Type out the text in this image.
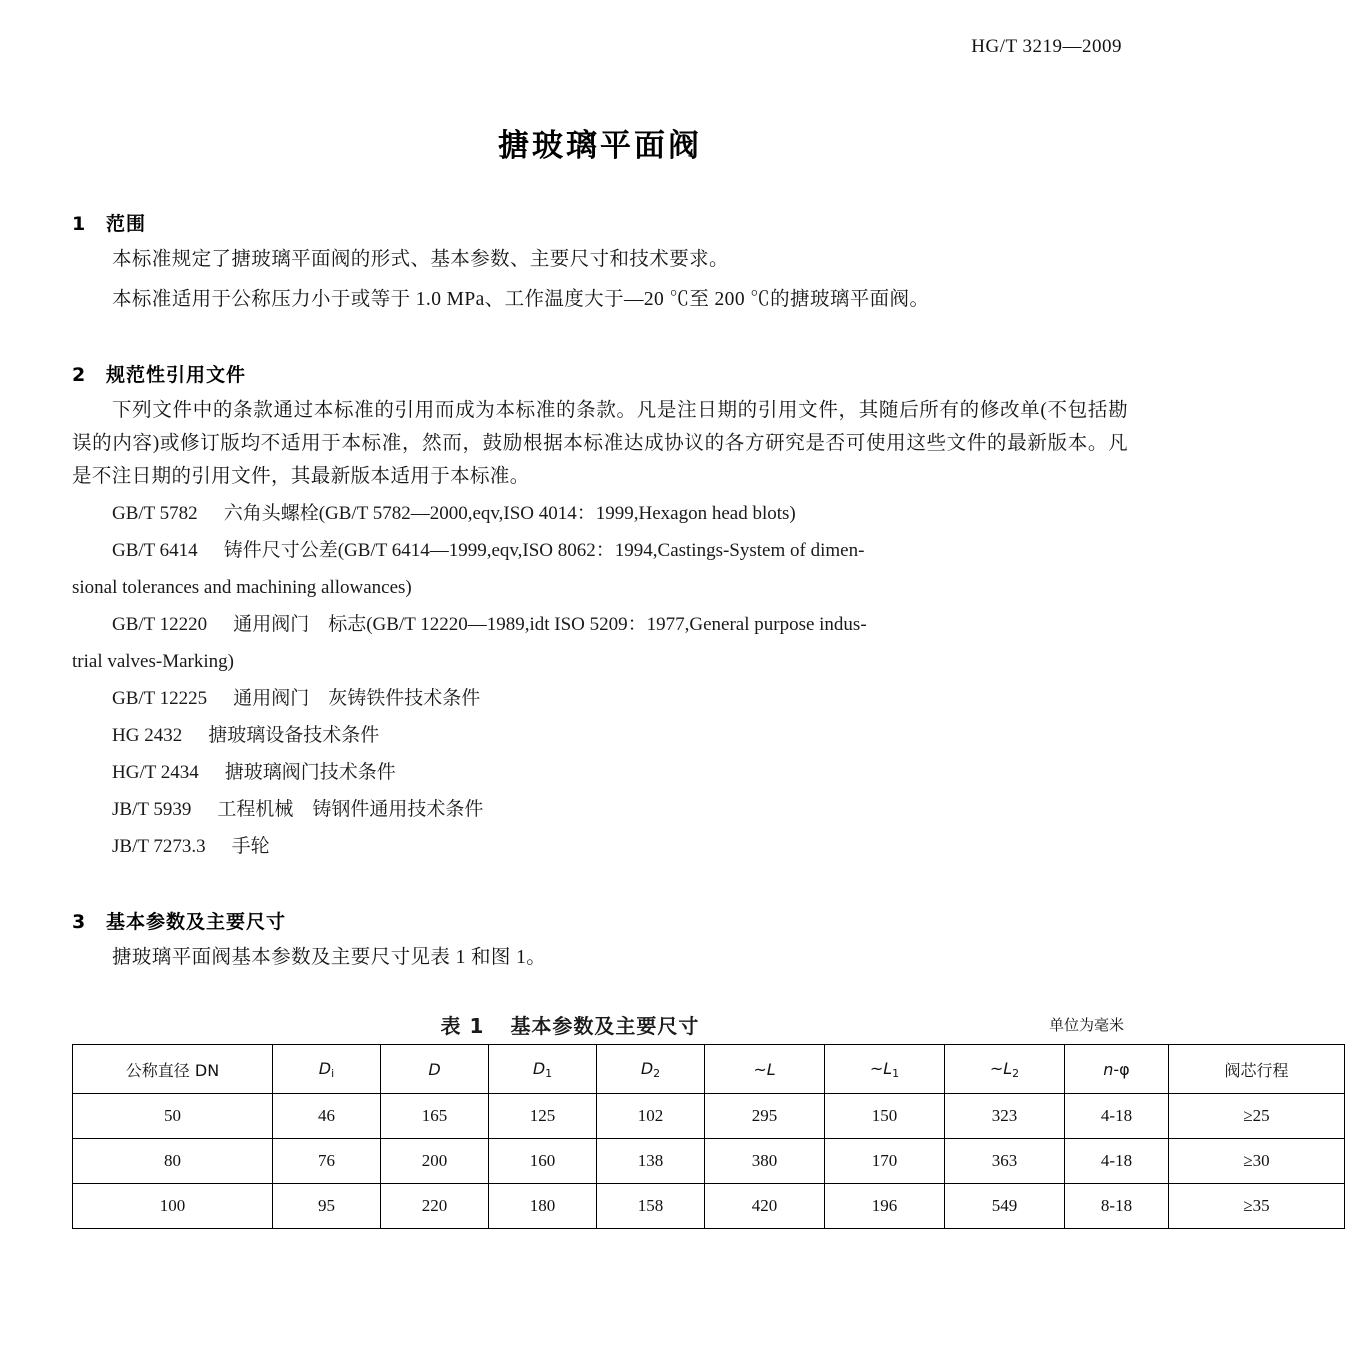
HG/T 3219—2009
搪玻璃平面阀
1 范围

本标准规定了搪玻璃平面阀的形式、基本参数、主要尺寸和技术要求。

本标准适用于公称压力小于或等于 1.0 MPa、工作温度大于—20 ℃至 200 ℃的搪玻璃平面阀。

2 规范性引用文件

下列文件中的条款通过本标准的引用而成为本标准的条款。凡是注日期的引用文件，其随后所有的修改单(不包括勘误的内容)或修订版均不适用于本标准，然而，鼓励根据本标准达成协议的各方研究是否可使用这些文件的最新版本。凡是不注日期的引用文件，其最新版本适用于本标准。

GB/T 5782 六角头螺栓(GB/T 5782—2000,eqv,ISO 4014：1999,Hexagon head blots)

GB/T 6414 铸件尺寸公差(GB/T 6414—1999,eqv,ISO 8062：1994,Castings-System of dimen-

sional tolerances and machining allowances)

GB/T 12220 通用阀门　标志(GB/T 12220—1989,idt ISO 5209：1977,General purpose indus-

trial valves-Marking)

GB/T 12225 通用阀门　灰铸铁件技术条件

HG 2432 搪玻璃设备技术条件

HG/T 2434 搪玻璃阀门技术条件

JB/T 5939 工程机械　铸钢件通用技术条件

JB/T 7273.3 手轮

3 基本参数及主要尺寸

搪玻璃平面阀基本参数及主要尺寸见表 1 和图 1。

表 1 基本参数及主要尺寸	单位为毫米
公称直径 DN	$D_i$	D	$D_1$	$D_2$	~L	$\sim L_1$	$\sim L_2$	n-φ	阀芯行程
50	46	165	125	102	295	150	323	4-18	≥25
80	76	200	160	138	380	170	363	4-18	≥30
100	95	220	180	158	420	196	549	8-18	≥35
